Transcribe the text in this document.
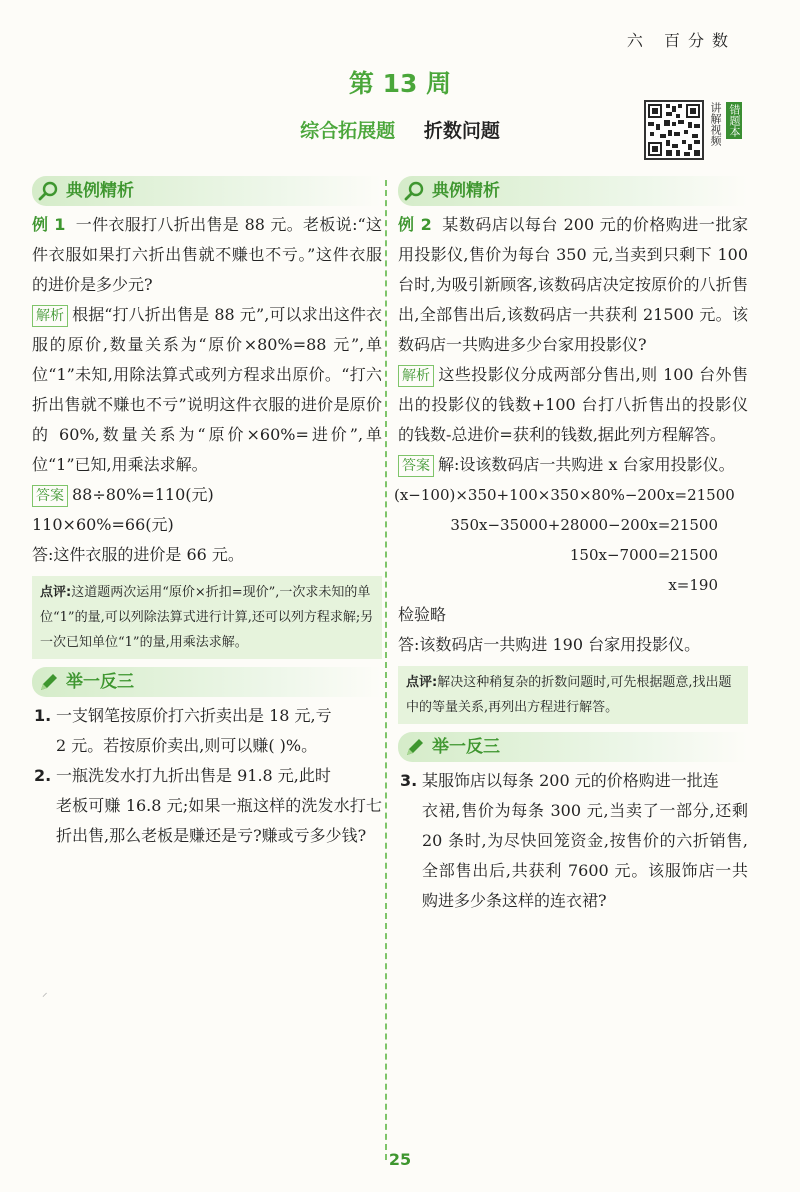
六 百分数
第 13 周
综合拓展题 折数问题	讲解视频 错题本
典例精析

例 1 一件衣服打八折出售是 88 元。老板说:“这件衣服如果打六折出售就不赚也不亏。”这件衣服的进价是多少元?

解析 根据“打八折出售是 88 元”,可以求出这件衣服的原价,数量关系为“原价×80%=88 元”,单位“1”未知,用除法算式或列方程求出原价。“打六折出售就不赚也不亏”说明这件衣服的进价是原价的 60%,数量关系为“原价×60%=进价”,单位“1”已知,用乘法求解。

答案 88÷80%=110(元)

110×60%=66(元)

答:这件衣服的进价是 66 元。

点评:这道题两次运用“原价×折扣=现价”,一次求未知的单位“1”的量,可以列除法算式进行计算,还可以列方程求解;另一次已知单位“1”的量,用乘法求解。
举一反三

1. 一支钢笔按原价打六折卖出是 18 元,亏

2 元。若按原价卖出,则可以赚( )%。

2. 一瓶洗发水打九折出售是 91.8 元,此时

老板可赚 16.8 元;如果一瓶这样的洗发水打七折出售,那么老板是赚还是亏?赚或亏多少钱?

⸝
典例精析

例 2 某数码店以每台 200 元的价格购进一批家用投影仪,售价为每台 350 元,当卖到只剩下 100 台时,为吸引新顾客,该数码店决定按原价的八折售出,全部售出后,该数码店一共获利 21500 元。该数码店一共购进多少台家用投影仪?

解析 这些投影仪分成两部分售出,则 100 台外售出的投影仪的钱数+100 台打八折售出的投影仪的钱数-总进价=获利的钱数,据此列方程解答。

答案 解:设该数码店一共购进 x 台家用投影仪。

(x−100)×350+100×350×80%−200x=21500
350x−35000+28000−200x=21500
150x−7000=21500
x=190

检验略

答:该数码店一共购进 190 台家用投影仪。

点评:解决这种稍复杂的折数问题时,可先根据题意,找出题中的等量关系,再列出方程进行解答。
举一反三

3. 某服饰店以每条 200 元的价格购进一批连

衣裙,售价为每条 300 元,当卖了一部分,还剩 20 条时,为尽快回笼资金,按售价的六折销售,全部售出后,共获利 7600 元。该服饰店一共购进多少条这样的连衣裙?

25
